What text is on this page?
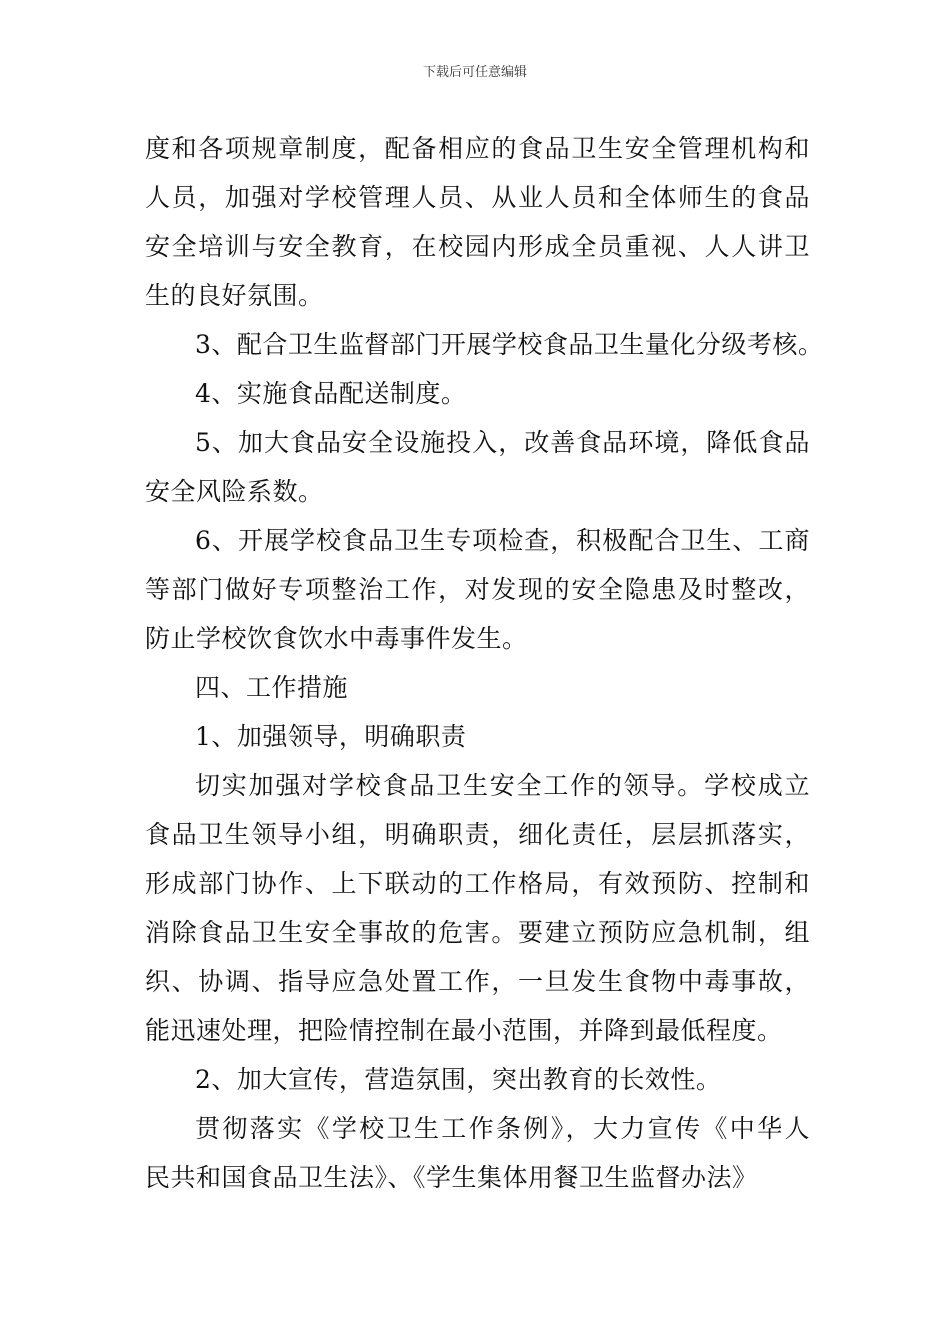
下载后可任意编辑

度和各项规章制度，配备相应的食品卫生安全管理机构和
人员，加强对学校管理人员、从业人员和全体师生的食品
安全培训与安全教育，在校园内形成全员重视、人人讲卫
生的良好氛围。

3、配合卫生监督部门开展学校食品卫生量化分级考核。

4、实施食品配送制度。

5、加大食品安全设施投入，改善食品环境，降低食品
安全风险系数。

6、开展学校食品卫生专项检查，积极配合卫生、工商
等部门做好专项整治工作，对发现的安全隐患及时整改，
防止学校饮食饮水中毒事件发生。

四、工作措施

1、加强领导，明确职责

切实加强对学校食品卫生安全工作的领导。学校成立
食品卫生领导小组，明确职责，细化责任，层层抓落实，
形成部门协作、上下联动的工作格局，有效预防、控制和
消除食品卫生安全事故的危害。要建立预防应急机制，组
织、协调、指导应急处置工作，一旦发生食物中毒事故，
能迅速处理，把险情控制在最小范围，并降到最低程度。

2、加大宣传，营造氛围，突出教育的长效性。

贯彻落实《学校卫生工作条例》，大力宣传《中华人
民共和国食品卫生法》、《学生集体用餐卫生监督办法》
